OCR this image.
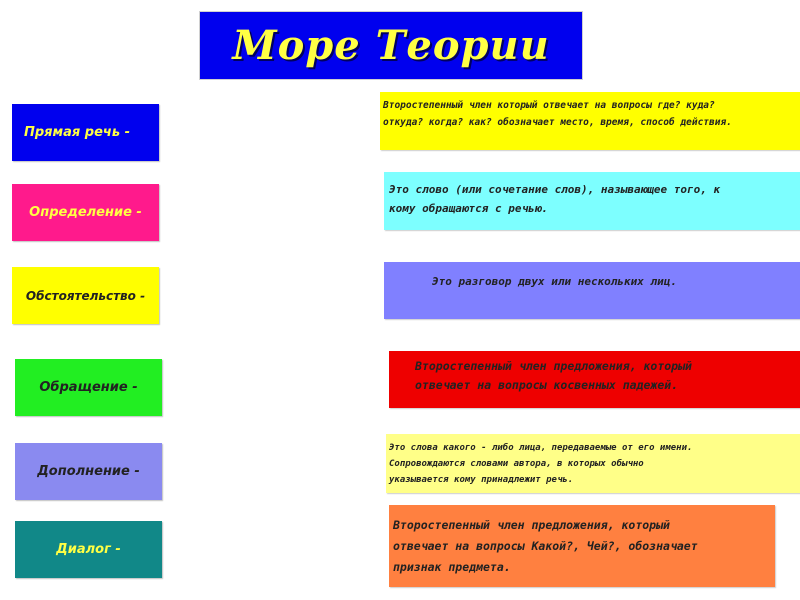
Море Теории
Прямая речь -
Определение -
Обстоятельство -
Обращение -
Дополнение -
Диалог -
Второстепенный член который отвечает на вопросы где? куда?
откуда? когда? как? обозначает место, время, способ действия.
Это слово (или сочетание слов), называющее того, к
кому обращаются с речью.
Это разговор двух или нескольких лиц.
Второстепенный член предложения, который
отвечает на вопросы косвенных падежей.
Это слова какого - либо лица, передаваемые от его имени.
Сопровождаются словами автора, в которых обычно
указывается кому принадлежит речь.
Второстепенный член предложения, который
отвечает на вопросы Какой?, Чей?, обозначает
признак предмета.
